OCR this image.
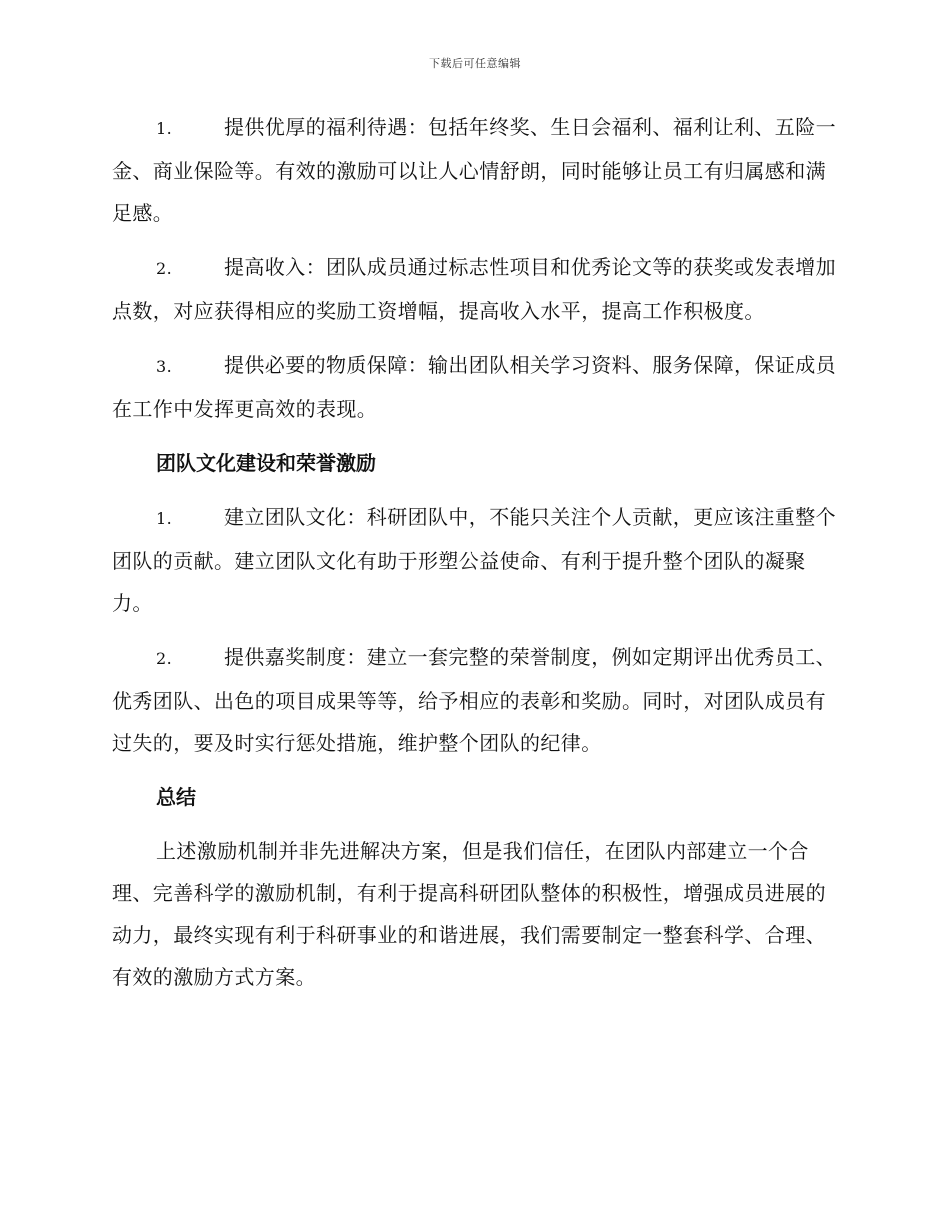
下载后可任意编辑

1.	提供优厚的福利待遇：包括年终奖、生日会福利、福利让利、五险一金、商业保险等。有效的激励可以让人心情舒朗，同时能够让员工有归属感和满足感。

2.	提高收入：团队成员通过标志性项目和优秀论文等的获奖或发表增加点数，对应获得相应的奖励工资增幅，提高收入水平，提高工作积极度。

3.	提供必要的物质保障：输出团队相关学习资料、服务保障，保证成员在工作中发挥更高效的表现。

团队文化建设和荣誉激励

1.	建立团队文化：科研团队中，不能只关注个人贡献，更应该注重整个团队的贡献。建立团队文化有助于形塑公益使命、有利于提升整个团队的凝聚力。

2.	提供嘉奖制度：建立一套完整的荣誉制度，例如定期评出优秀员工、优秀团队、出色的项目成果等等，给予相应的表彰和奖励。同时，对团队成员有过失的，要及时实行惩处措施，维护整个团队的纪律。

总结

上述激励机制并非先进解决方案，但是我们信任，在团队内部建立一个合理、完善科学的激励机制，有利于提高科研团队整体的积极性，增强成员进展的动力，最终实现有利于科研事业的和谐进展，我们需要制定一整套科学、合理、有效的激励方式方案。
